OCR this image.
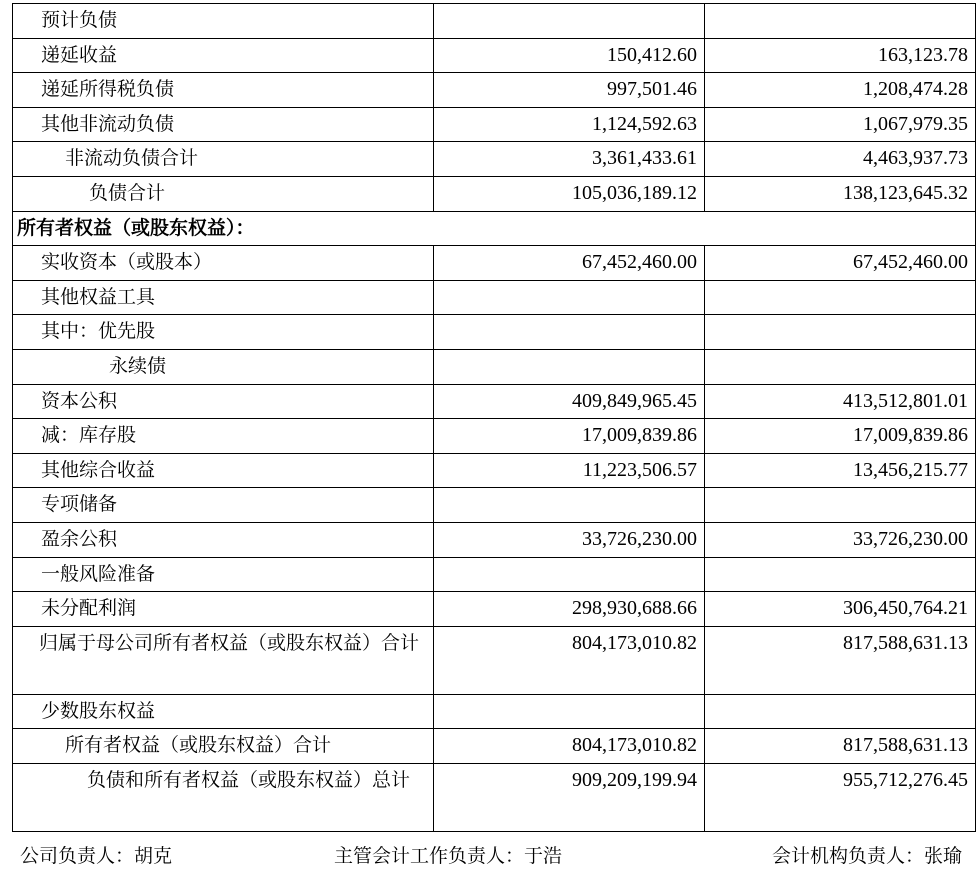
预计负债		
递延收益	150,412.60	163,123.78
递延所得税负债	997,501.46	1,208,474.28
其他非流动负债	1,124,592.63	1,067,979.35
非流动负债合计	3,361,433.61	4,463,937.73
负债合计	105,036,189.12	138,123,645.32
所有者权益（或股东权益）：		
实收资本（或股本）	67,452,460.00	67,452,460.00
其他权益工具		
其中：优先股		
永续债		
资本公积	409,849,965.45	413,512,801.01
减：库存股	17,009,839.86	17,009,839.86
其他综合收益	11,223,506.57	13,456,215.77
专项储备		
盈余公积	33,726,230.00	33,726,230.00
一般风险准备		
未分配利润	298,930,688.66	306,450,764.21

归属于母公司所有者权益（或股东权益）合计	804,173,010.82	817,588,631.13
少数股东权益		
所有者权益（或股东权益）合计	804,173,010.82	817,588,631.13

负债和所有者权益（或股东权益）总计	909,209,199.94	955,712,276.45
公司负责人：胡克	主管会计工作负责人：于浩	会计机构负责人：张瑜
